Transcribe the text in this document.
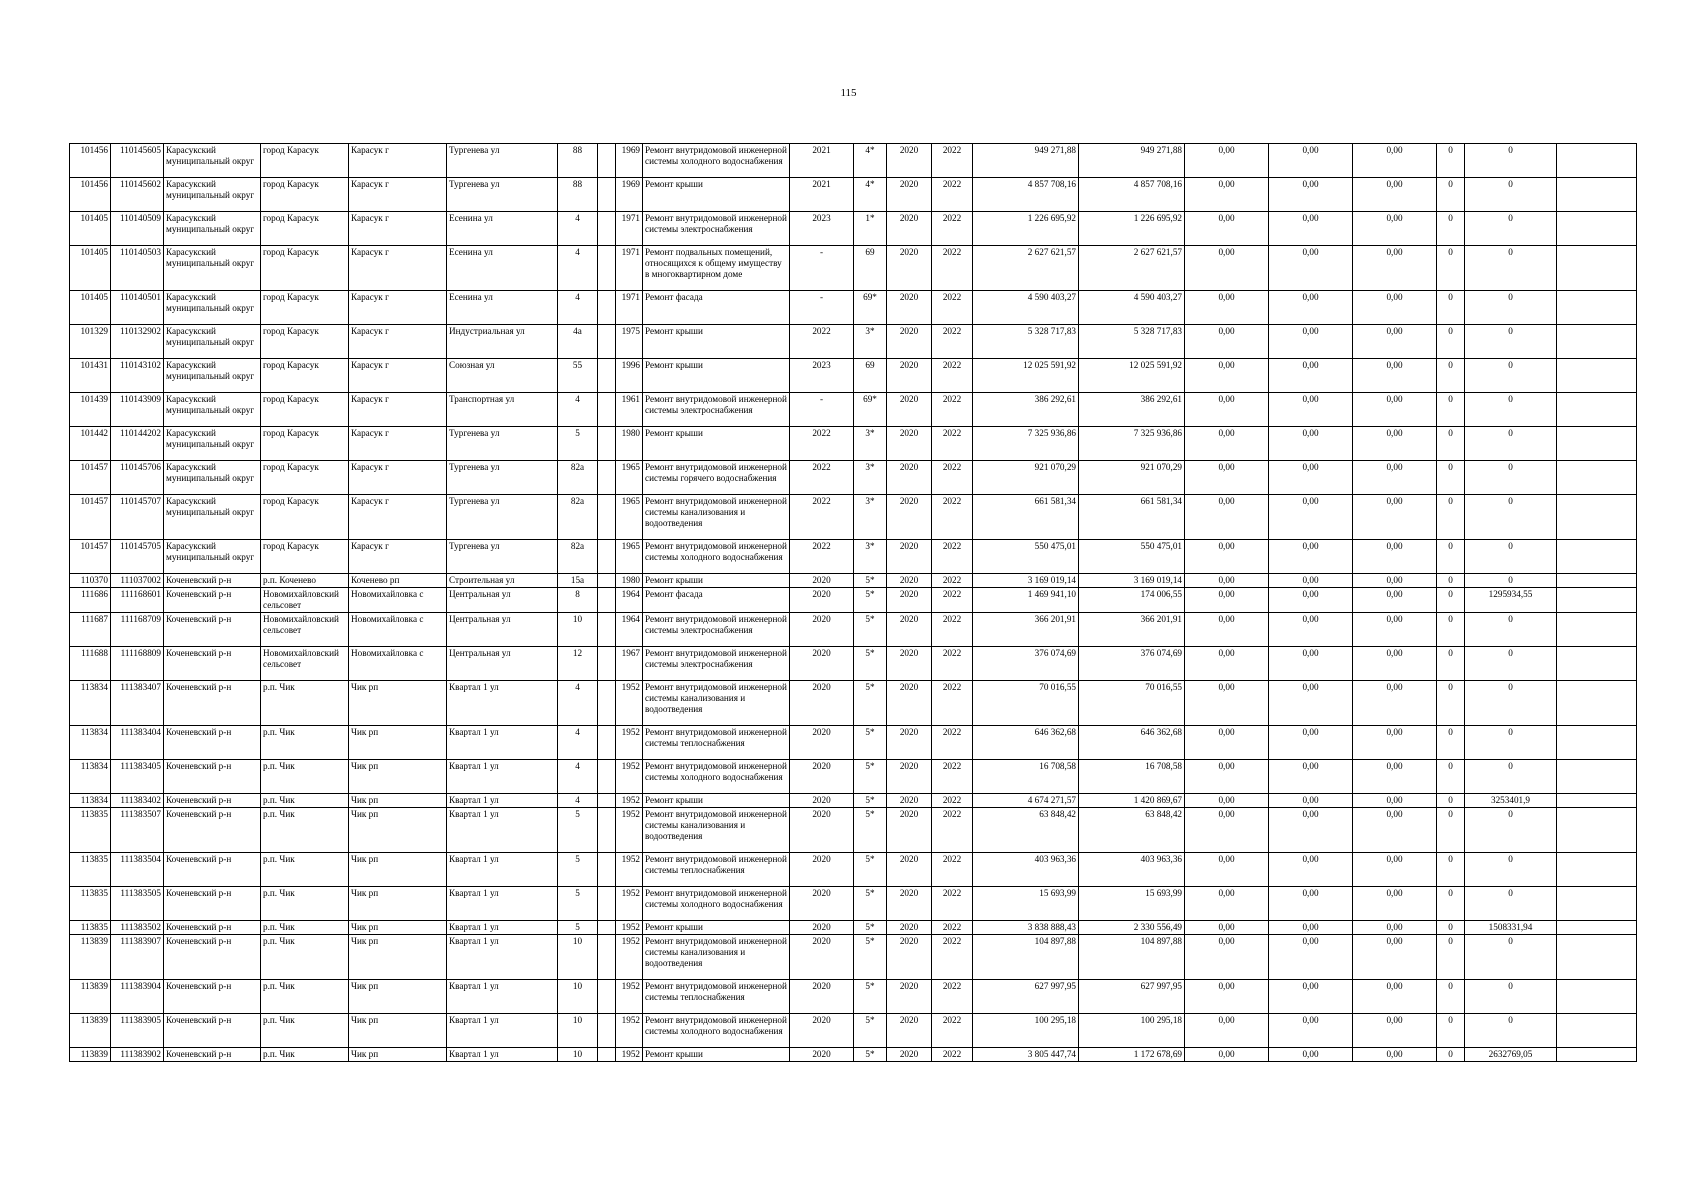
115
101456	110145605	Карасукский муниципальный округ	город Карасук	Карасук г	Тургенева ул	88		1969	Ремонт внутридомовой инженерной системы холодного водоснабжения	2021	4*	2020	2022	949 271,88	949 271,88	0,00	0,00	0,00	0	0	
101456	110145602	Карасукский муниципальный округ	город Карасук	Карасук г	Тургенева ул	88		1969	Ремонт крыши	2021	4*	2020	2022	4 857 708,16	4 857 708,16	0,00	0,00	0,00	0	0	
101405	110140509	Карасукский муниципальный округ	город Карасук	Карасук г	Есенина ул	4		1971	Ремонт внутридомовой инженерной системы электроснабжения	2023	1*	2020	2022	1 226 695,92	1 226 695,92	0,00	0,00	0,00	0	0	
101405	110140503	Карасукский муниципальный округ	город Карасук	Карасук г	Есенина ул	4		1971	Ремонт подвальных помещений, относящихся к общему имуществу в многоквартирном доме	-	69	2020	2022	2 627 621,57	2 627 621,57	0,00	0,00	0,00	0	0	
101405	110140501	Карасукский муниципальный округ	город Карасук	Карасук г	Есенина ул	4		1971	Ремонт фасада	-	69*	2020	2022	4 590 403,27	4 590 403,27	0,00	0,00	0,00	0	0	
101329	110132902	Карасукский муниципальный округ	город Карасук	Карасук г	Индустриальная ул	4а		1975	Ремонт крыши	2022	3*	2020	2022	5 328 717,83	5 328 717,83	0,00	0,00	0,00	0	0	
101431	110143102	Карасукский муниципальный округ	город Карасук	Карасук г	Союзная ул	55		1996	Ремонт крыши	2023	69	2020	2022	12 025 591,92	12 025 591,92	0,00	0,00	0,00	0	0	
101439	110143909	Карасукский муниципальный округ	город Карасук	Карасук г	Транспортная ул	4		1961	Ремонт внутридомовой инженерной системы электроснабжения	-	69*	2020	2022	386 292,61	386 292,61	0,00	0,00	0,00	0	0	
101442	110144202	Карасукский муниципальный округ	город Карасук	Карасук г	Тургенева ул	5		1980	Ремонт крыши	2022	3*	2020	2022	7 325 936,86	7 325 936,86	0,00	0,00	0,00	0	0	
101457	110145706	Карасукский муниципальный округ	город Карасук	Карасук г	Тургенева ул	82а		1965	Ремонт внутридомовой инженерной системы горячего водоснабжения	2022	3*	2020	2022	921 070,29	921 070,29	0,00	0,00	0,00	0	0	
101457	110145707	Карасукский муниципальный округ	город Карасук	Карасук г	Тургенева ул	82а		1965	Ремонт внутридомовой инженерной системы канализования и водоотведения	2022	3*	2020	2022	661 581,34	661 581,34	0,00	0,00	0,00	0	0	
101457	110145705	Карасукский муниципальный округ	город Карасук	Карасук г	Тургенева ул	82а		1965	Ремонт внутридомовой инженерной системы холодного водоснабжения	2022	3*	2020	2022	550 475,01	550 475,01	0,00	0,00	0,00	0	0	
110370	111037002	Коченевский р-н	р.п. Коченево	Коченево рп	Строительная ул	15а		1980	Ремонт крыши	2020	5*	2020	2022	3 169 019,14	3 169 019,14	0,00	0,00	0,00	0	0	
111686	111168601	Коченевский р-н	Новомихайловский сельсовет	Новомихайловка с	Центральная ул	8		1964	Ремонт фасада	2020	5*	2020	2022	1 469 941,10	174 006,55	0,00	0,00	0,00	0	1295934,55	
111687	111168709	Коченевский р-н	Новомихайловский сельсовет	Новомихайловка с	Центральная ул	10		1964	Ремонт внутридомовой инженерной системы электроснабжения	2020	5*	2020	2022	366 201,91	366 201,91	0,00	0,00	0,00	0	0	
111688	111168809	Коченевский р-н	Новомихайловский сельсовет	Новомихайловка с	Центральная ул	12		1967	Ремонт внутридомовой инженерной системы электроснабжения	2020	5*	2020	2022	376 074,69	376 074,69	0,00	0,00	0,00	0	0	
113834	111383407	Коченевский р-н	р.п. Чик	Чик рп	Квартал 1 ул	4		1952	Ремонт внутридомовой инженерной системы канализования и водоотведения	2020	5*	2020	2022	70 016,55	70 016,55	0,00	0,00	0,00	0	0	
113834	111383404	Коченевский р-н	р.п. Чик	Чик рп	Квартал 1 ул	4		1952	Ремонт внутридомовой инженерной системы теплоснабжения	2020	5*	2020	2022	646 362,68	646 362,68	0,00	0,00	0,00	0	0	
113834	111383405	Коченевский р-н	р.п. Чик	Чик рп	Квартал 1 ул	4		1952	Ремонт внутридомовой инженерной системы холодного водоснабжения	2020	5*	2020	2022	16 708,58	16 708,58	0,00	0,00	0,00	0	0	
113834	111383402	Коченевский р-н	р.п. Чик	Чик рп	Квартал 1 ул	4		1952	Ремонт крыши	2020	5*	2020	2022	4 674 271,57	1 420 869,67	0,00	0,00	0,00	0	3253401,9	
113835	111383507	Коченевский р-н	р.п. Чик	Чик рп	Квартал 1 ул	5		1952	Ремонт внутридомовой инженерной системы канализования и водоотведения	2020	5*	2020	2022	63 848,42	63 848,42	0,00	0,00	0,00	0	0	
113835	111383504	Коченевский р-н	р.п. Чик	Чик рп	Квартал 1 ул	5		1952	Ремонт внутридомовой инженерной системы теплоснабжения	2020	5*	2020	2022	403 963,36	403 963,36	0,00	0,00	0,00	0	0	
113835	111383505	Коченевский р-н	р.п. Чик	Чик рп	Квартал 1 ул	5		1952	Ремонт внутридомовой инженерной системы холодного водоснабжения	2020	5*	2020	2022	15 693,99	15 693,99	0,00	0,00	0,00	0	0	
113835	111383502	Коченевский р-н	р.п. Чик	Чик рп	Квартал 1 ул	5		1952	Ремонт крыши	2020	5*	2020	2022	3 838 888,43	2 330 556,49	0,00	0,00	0,00	0	1508331,94	
113839	111383907	Коченевский р-н	р.п. Чик	Чик рп	Квартал 1 ул	10		1952	Ремонт внутридомовой инженерной системы канализования и водоотведения	2020	5*	2020	2022	104 897,88	104 897,88	0,00	0,00	0,00	0	0	
113839	111383904	Коченевский р-н	р.п. Чик	Чик рп	Квартал 1 ул	10		1952	Ремонт внутридомовой инженерной системы теплоснабжения	2020	5*	2020	2022	627 997,95	627 997,95	0,00	0,00	0,00	0	0	
113839	111383905	Коченевский р-н	р.п. Чик	Чик рп	Квартал 1 ул	10		1952	Ремонт внутридомовой инженерной системы холодного водоснабжения	2020	5*	2020	2022	100 295,18	100 295,18	0,00	0,00	0,00	0	0	
113839	111383902	Коченевский р-н	р.п. Чик	Чик рп	Квартал 1 ул	10		1952	Ремонт крыши	2020	5*	2020	2022	3 805 447,74	1 172 678,69	0,00	0,00	0,00	0	2632769,05	
